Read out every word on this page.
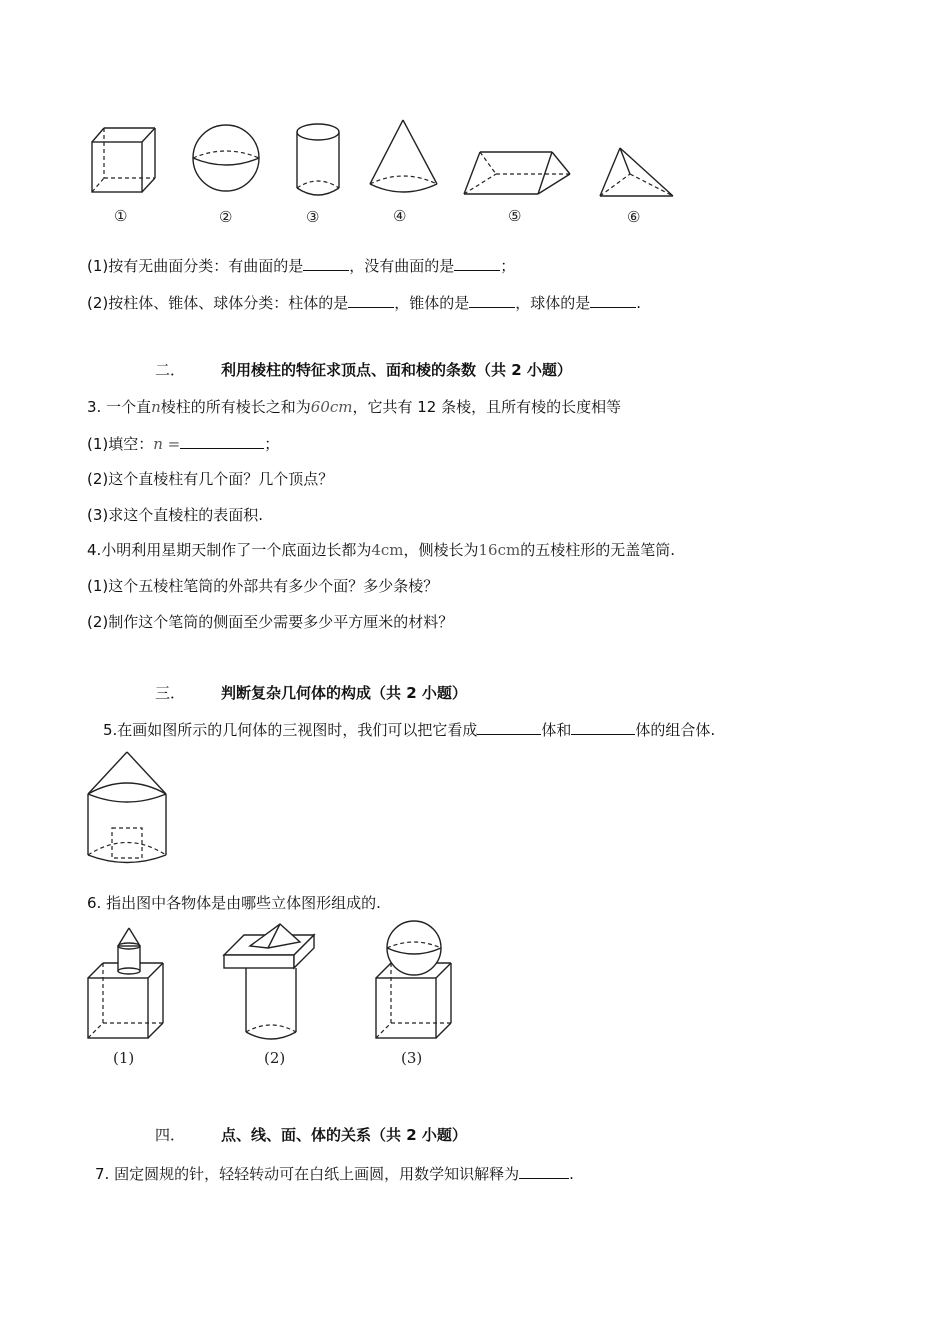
①	②	③	④	⑤	⑥
(1)按有无曲面分类：有曲面的是	，没有曲面的是	；
(2)按柱体、锥体、球体分类：柱体的是	，锥体的是	，球体的是	.
二． 利用棱柱的特征求顶点、面和棱的条数（共 2 小题）
3. 一个直n棱柱的所有棱长之和为60cm，它共有 12 条棱，且所有棱的长度相等
(1)填空：n =	；
(2)这个直棱柱有几个面？几个顶点？
(3)求这个直棱柱的表面积.
4.小明利用星期天制作了一个底面边长都为4cm，侧棱长为16cm的五棱柱形的无盖笔筒.
(1)这个五棱柱笔筒的外部共有多少个面？多少条棱？
(2)制作这个笔筒的侧面至少需要多少平方厘米的材料？
三． 判断复杂几何体的构成（共 2 小题）
5.在画如图所示的几何体的三视图时，我们可以把它看成	体和	体的组合体.
6. 指出图中各物体是由哪些立体图形组成的.
(1)	(2)	(3)
四． 点、线、面、体的关系（共 2 小题）
7. 固定圆规的针，轻轻转动可在白纸上画圆，用数学知识解释为	.
